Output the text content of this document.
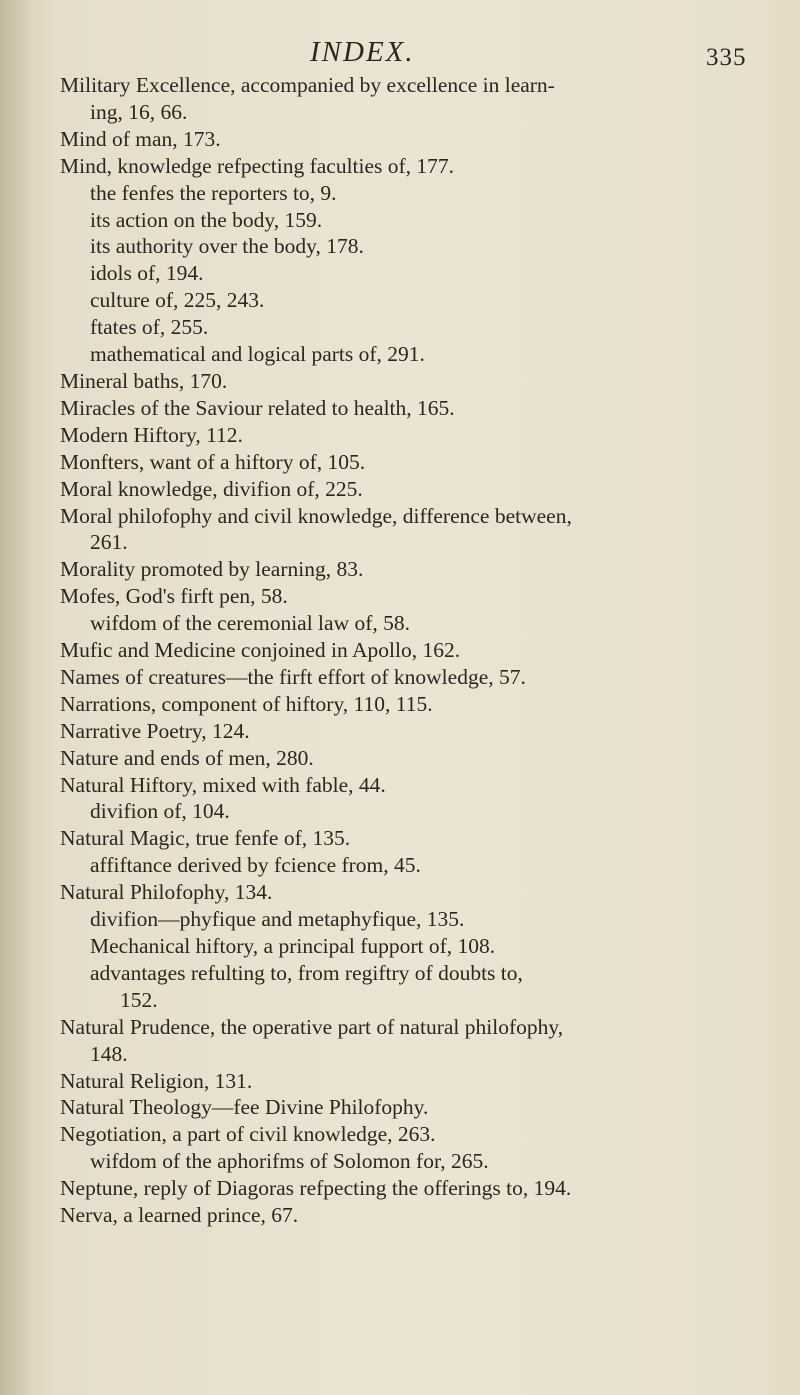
INDEX.	335
Military Excellence, accompanied by excellence in learn-
ing, 16, 66.
Mind of man, 173.
Mind, knowledge refpecting faculties of, 177.
the fenfes the reporters to, 9.
its action on the body, 159.
its authority over the body, 178.
idols of, 194.
culture of, 225, 243.
ftates of, 255.
mathematical and logical parts of, 291.
Mineral baths, 170.
Miracles of the Saviour related to health, 165.
Modern Hiftory, 112.
Monfters, want of a hiftory of, 105.
Moral knowledge, divifion of, 225.
Moral philofophy and civil knowledge, difference between,
261.
Morality promoted by learning, 83.
Mofes, God's firft pen, 58.
wifdom of the ceremonial law of, 58.
Mufic and Medicine conjoined in Apollo, 162.
Names of creatures—the firft effort of knowledge, 57.
Narrations, component of hiftory, 110, 115.
Narrative Poetry, 124.
Nature and ends of men, 280.
Natural Hiftory, mixed with fable, 44.
divifion of, 104.
Natural Magic, true fenfe of, 135.
affiftance derived by fcience from, 45.
Natural Philofophy, 134.
divifion—phyfique and metaphyfique, 135.
Mechanical hiftory, a principal fupport of, 108.
advantages refulting to, from regiftry of doubts to,
152.
Natural Prudence, the operative part of natural philofophy,
148.
Natural Religion, 131.
Natural Theology—fee Divine Philofophy.
Negotiation, a part of civil knowledge, 263.
wifdom of the aphorifms of Solomon for, 265.
Neptune, reply of Diagoras refpecting the offerings to, 194.
Nerva, a learned prince, 67.
